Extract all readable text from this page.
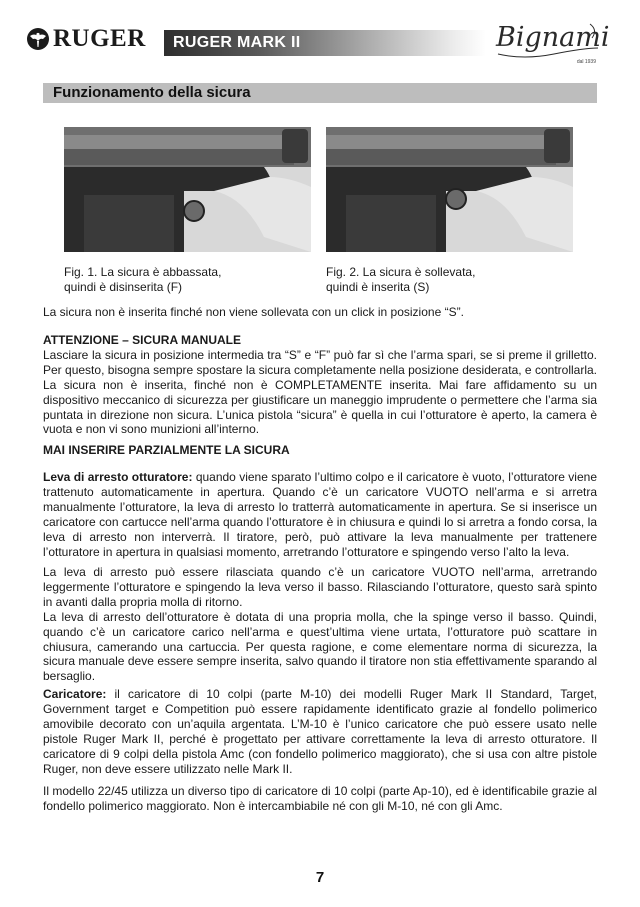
RUGER RUGER MARK II	Bignami
dal 1939
Funzionamento della sicura
Fig. 1. La sicura è abbassata,
quindi è disinserita (F)
Fig. 2. La sicura è sollevata,
quindi è inserita (S)

La sicura non è inserita finché non viene sollevata con un click in posizione “S”.

ATTENZIONE – SICURA MANUALE

Lasciare la sicura in posizione intermedia tra “S” e “F” può far sì che l’arma spari, se si preme il grilletto. Per questo, bisogna sempre spostare la sicura completamente nella posizione desiderata, e controllarla. La sicura non è inserita, finché non è COMPLETAMENTE inserita. Mai fare affidamento su un dispositivo meccanico di sicurezza per giustificare un maneggio imprudente o permettere che l’arma sia puntata in direzione non sicura. L’unica pistola “sicura” è quella in cui l’otturatore è aperto, la camera è vuota e non vi sono munizioni all’interno.

MAI INSERIRE PARZIALMENTE LA SICURA

Leva di arresto otturatore: quando viene sparato l’ultimo colpo e il caricatore è vuoto, l’otturatore viene trattenuto automaticamente in apertura. Quando c’è un caricatore VUOTO nell’arma e si arretra manualmente l’otturatore, la leva di arresto lo tratterrà automaticamente in apertura. Se si inserisce un caricatore con cartucce nell’arma quando l’otturatore è in chiusura e quindi lo si arretra a fondo corsa, la leva di arresto non interverrà. Il tiratore, però, può attivare la leva manualmente per trattenere l’otturatore in apertura in qualsiasi momento, arretrando l’otturatore e spingendo verso l’alto la leva.

La leva di arresto può essere rilasciata quando c’è un caricatore VUOTO nell’arma, arretrando leggermente l’otturatore e spingendo la leva verso il basso. Rilasciando l’otturatore, questo sarà spinto in avanti dalla propria molla di ritorno.

La leva di arresto dell’otturatore è dotata di una propria molla, che la spinge verso il basso. Quindi, quando c’è un caricatore carico nell’arma e quest’ultima viene urtata, l’otturatore può scattare in chiusura, camerando una cartuccia. Per questa ragione, e come elementare norma di sicurezza, la sicura manuale deve essere sempre inserita, salvo quando il tiratore non stia effettivamente sparando al bersaglio.

Caricatore: il caricatore di 10 colpi (parte M-10) dei modelli Ruger Mark II Standard, Target, Government target e Competition può essere rapidamente identificato grazie al fondello polimerico amovibile decorato con un’aquila argentata. L’M-10 è l’unico caricatore che può essere usato nelle pistole Ruger Mark II, perché è progettato per attivare correttamente la leva di arresto otturatore. Il caricatore di 9 colpi della pistola Amc (con fondello polimerico maggiorato), che si usa con altre pistole Ruger, non deve essere utilizzato nelle Mark II.

Il modello 22/45 utilizza un diverso tipo di caricatore di 10 colpi (parte Ap-10), ed è identificabile grazie al fondello polimerico maggiorato. Non è intercambiabile né con gli M-10, né con gli Amc.

7
